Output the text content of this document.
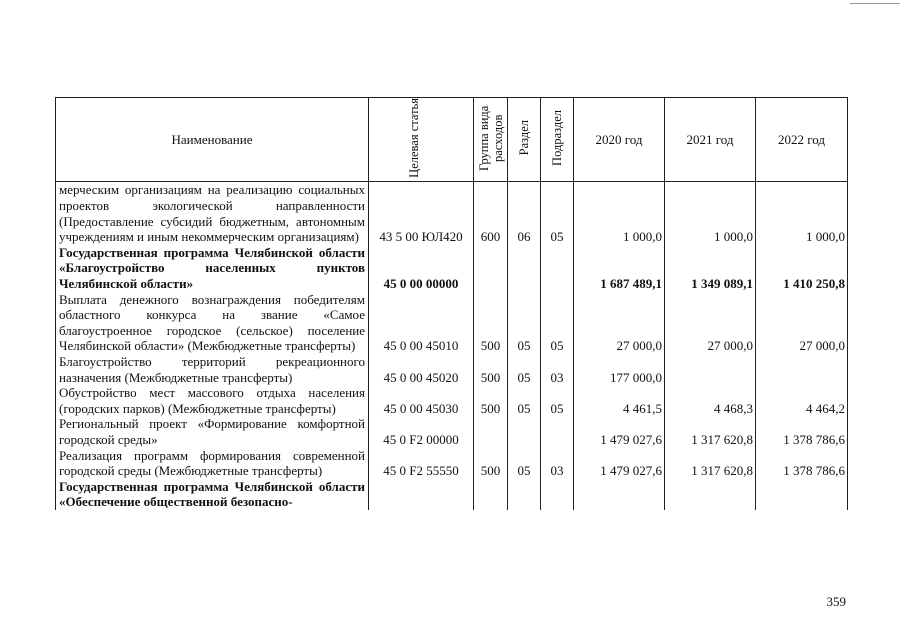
Наименование	Целевая статья	Группа вида расходов	Раздел	Подраздел	2020 год	2021 год	2022 год
мерческим организациям на реализацию социальных проектов экологической направленности (Предоставление субсидий бюджетным, автономным учреждениям и иным некоммерческим организациям)	43 5 00 ЮЛ420	600	06	05	1 000,0	1 000,0	1 000,0
Государственная программа Челябинской области «Благоустройство населенных пунктов Челябинской области»	45 0 00 00000				1 687 489,1	1 349 089,1	1 410 250,8
Выплата денежного вознаграждения победителям областного конкурса на звание «Самое благоустроенное городское (сельское) поселение Челябинской области» (Межбюджетные трансферты)	45 0 00 45010	500	05	05	27 000,0	27 000,0	27 000,0
Благоустройство территорий рекреационного назначения (Межбюджетные трансферты)	45 0 00 45020	500	05	03	177 000,0		
Обустройство мест массового отдыха населения (городских парков) (Межбюджетные трансферты)	45 0 00 45030	500	05	05	4 461,5	4 468,3	4 464,2
Региональный проект «Формирование комфортной городской среды»	45 0 F2 00000				1 479 027,6	1 317 620,8	1 378 786,6
Реализация программ формирования современной городской среды (Межбюджетные трансферты)	45 0 F2 55550	500	05	03	1 479 027,6	1 317 620,8	1 378 786,6
Государственная программа Челябинской области «Обеспечение общественной безопасно-							
359
